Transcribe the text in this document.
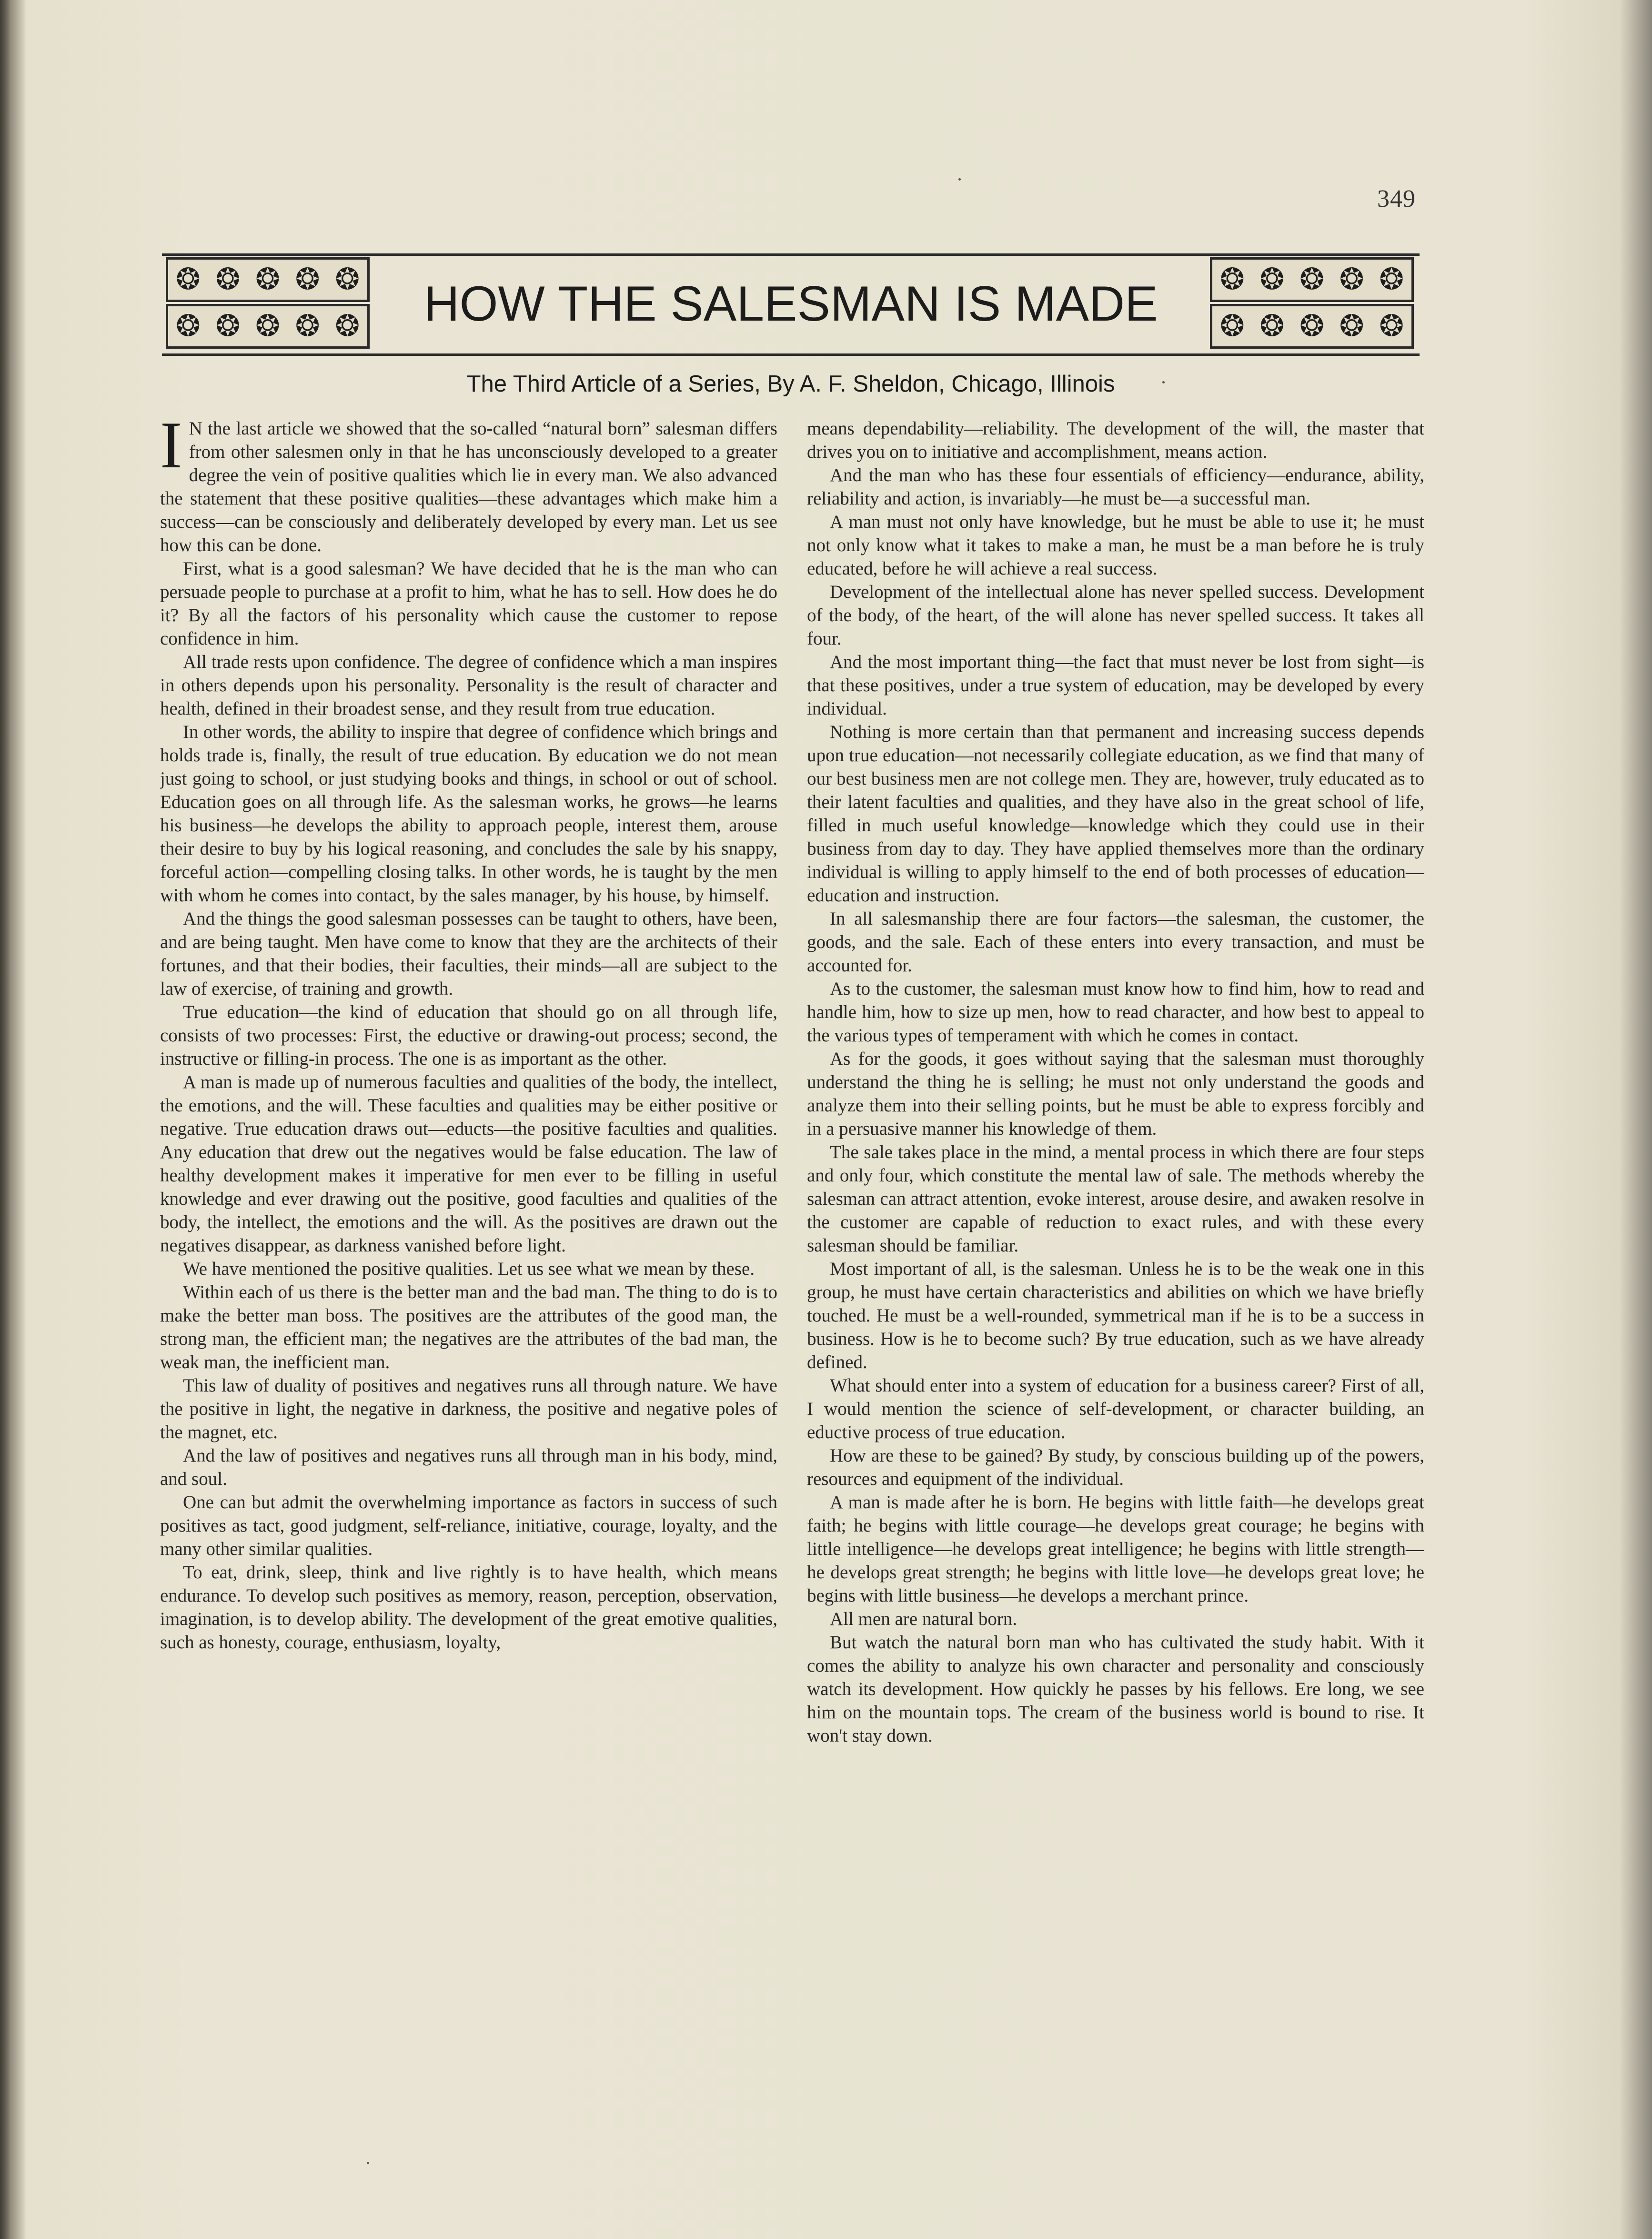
349
❂ ❂ ❂ ❂ ❂
❂ ❂ ❂ ❂ ❂
❂ ❂ ❂ ❂ ❂
❂ ❂ ❂ ❂ ❂
HOW THE SALESMAN IS MADE
The Third Article of a Series, By A. F. Sheldon, Chicago, Illinois

I N the last article we showed that the so-called “natural born” salesman differs from other salesmen only in that he has unconsciously developed to a greater degree the vein of positive qualities which lie in every man. We also advanced the statement that these positive qualities—these advantages which make him a success—can be consciously and deliberately developed by every man. Let us see how this can be done.

First, what is a good salesman? We have decided that he is the man who can persuade people to purchase at a profit to him, what he has to sell. How does he do it? By all the factors of his personality which cause the customer to repose confidence in him.

All trade rests upon confidence. The degree of confidence which a man inspires in others depends upon his personality. Personality is the result of character and health, defined in their broadest sense, and they result from true education.

In other words, the ability to inspire that degree of confidence which brings and holds trade is, finally, the result of true education. By education we do not mean just going to school, or just studying books and things, in school or out of school. Education goes on all through life. As the salesman works, he grows—he learns his business—he develops the ability to approach people, interest them, arouse their desire to buy by his logical reasoning, and concludes the sale by his snappy, forceful action—compelling closing talks. In other words, he is taught by the men with whom he comes into contact, by the sales manager, by his house, by himself.

And the things the good salesman possesses can be taught to others, have been, and are being taught. Men have come to know that they are the architects of their fortunes, and that their bodies, their faculties, their minds—all are subject to the law of exercise, of training and growth.

True education—the kind of education that should go on all through life, consists of two processes: First, the eductive or drawing-out process; second, the instructive or filling-in process. The one is as important as the other.

A man is made up of numerous faculties and qualities of the body, the intellect, the emotions, and the will. These faculties and qualities may be either positive or negative. True education draws out—educts—the positive faculties and qualities. Any education that drew out the negatives would be false education. The law of healthy development makes it imperative for men ever to be filling in useful knowledge and ever drawing out the positive, good faculties and qualities of the body, the intellect, the emotions and the will. As the positives are drawn out the negatives disappear, as darkness vanished before light.

We have mentioned the positive qualities. Let us see what we mean by these.

Within each of us there is the better man and the bad man. The thing to do is to make the better man boss. The positives are the attributes of the good man, the strong man, the efficient man; the negatives are the attributes of the bad man, the weak man, the inefficient man.

This law of duality of positives and negatives runs all through nature. We have the positive in light, the negative in darkness, the positive and negative poles of the magnet, etc.

And the law of positives and negatives runs all through man in his body, mind, and soul.

One can but admit the overwhelming importance as factors in success of such positives as tact, good judgment, self-reliance, initiative, courage, loyalty, and the many other similar qualities.

To eat, drink, sleep, think and live rightly is to have health, which means endurance. To develop such positives as memory, reason, perception, observation, imagination, is to develop ability. The development of the great emotive qualities, such as honesty, courage, enthusiasm, loyalty,

means dependability—reliability. The development of the will, the master that drives you on to initiative and accomplishment, means action.

And the man who has these four essentials of efficiency—endurance, ability, reliability and action, is invariably—he must be—a successful man.

A man must not only have knowledge, but he must be able to use it; he must not only know what it takes to make a man, he must be a man before he is truly educated, before he will achieve a real success.

Development of the intellectual alone has never spelled success. Development of the body, of the heart, of the will alone has never spelled success. It takes all four.

And the most important thing—the fact that must never be lost from sight—is that these positives, under a true system of education, may be developed by every individual.

Nothing is more certain than that permanent and increasing success depends upon true education—not necessarily collegiate education, as we find that many of our best business men are not college men. They are, however, truly educated as to their latent faculties and qualities, and they have also in the great school of life, filled in much useful knowledge—knowledge which they could use in their business from day to day. They have applied themselves more than the ordinary individual is willing to apply himself to the end of both processes of education—education and instruction.

In all salesmanship there are four factors—the salesman, the customer, the goods, and the sale. Each of these enters into every transaction, and must be accounted for.

As to the customer, the salesman must know how to find him, how to read and handle him, how to size up men, how to read character, and how best to appeal to the various types of temperament with which he comes in contact.

As for the goods, it goes without saying that the salesman must thoroughly understand the thing he is selling; he must not only understand the goods and analyze them into their selling points, but he must be able to express forcibly and in a persuasive manner his knowledge of them.

The sale takes place in the mind, a mental process in which there are four steps and only four, which constitute the mental law of sale. The methods whereby the salesman can attract attention, evoke interest, arouse desire, and awaken resolve in the customer are capable of reduction to exact rules, and with these every salesman should be familiar.

Most important of all, is the salesman. Unless he is to be the weak one in this group, he must have certain characteristics and abilities on which we have briefly touched. He must be a well-rounded, symmetrical man if he is to be a success in business. How is he to become such? By true education, such as we have already defined.

What should enter into a system of education for a business career? First of all, I would mention the science of self-development, or character building, an eductive process of true education.

How are these to be gained? By study, by conscious building up of the powers, resources and equipment of the individual.

A man is made after he is born. He begins with little faith—he develops great faith; he begins with little courage—he develops great courage; he begins with little intelligence—he develops great intelligence; he begins with little strength—he develops great strength; he begins with little love—he develops great love; he begins with little business—he develops a merchant prince.

All men are natural born.

But watch the natural born man who has cultivated the study habit. With it comes the ability to analyze his own character and personality and consciously watch its development. How quickly he passes by his fellows. Ere long, we see him on the mountain tops. The cream of the business world is bound to rise. It won't stay down.
